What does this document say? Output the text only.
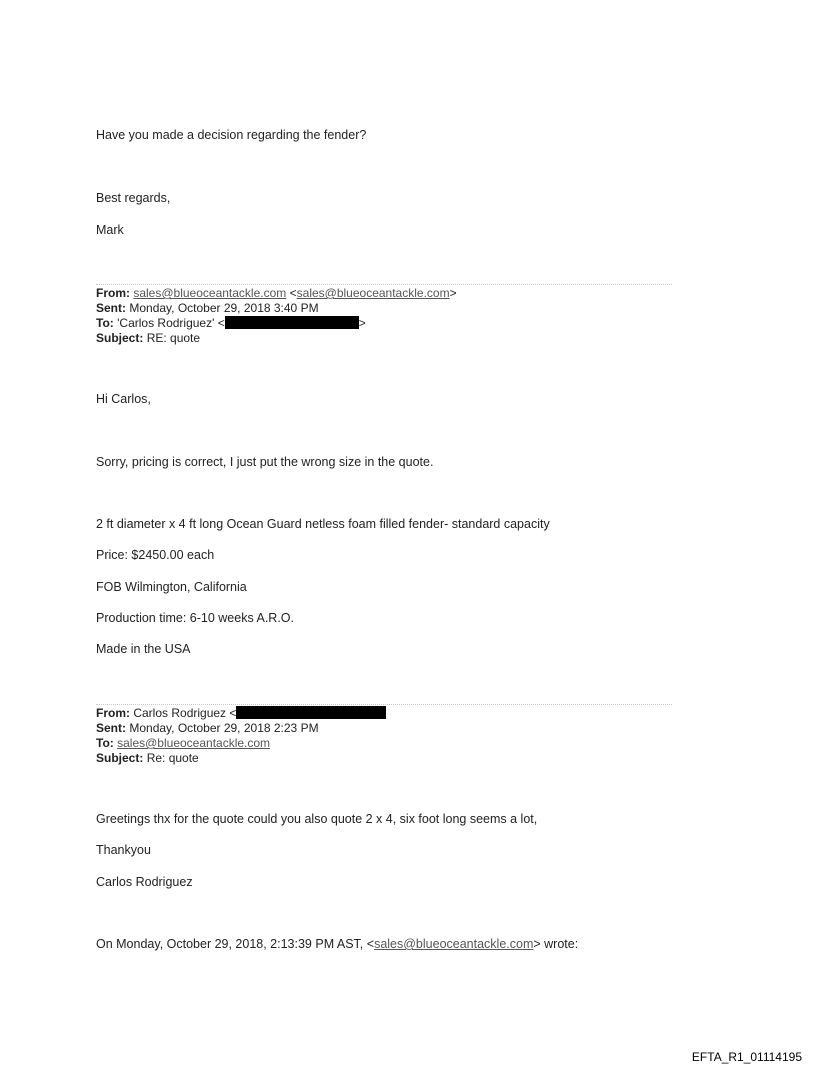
Have you made a decision regarding the fender?
Best regards,
Mark
From: sales@blueoceantackle.com <sales@blueoceantackle.com>
Sent: Monday, October 29, 2018 3:40 PM
To: 'Carlos Rodriguez' <	>
Subject: RE: quote
Hi Carlos,
Sorry, pricing is correct, I just put the wrong size in the quote.
2 ft diameter x 4 ft long Ocean Guard netless foam filled fender- standard capacity
Price: $2450.00 each
FOB Wilmington, California
Production time: 6-10 weeks A.R.O.
Made in the USA
From: Carlos Rodriguez <
Sent: Monday, October 29, 2018 2:23 PM
To: sales@blueoceantackle.com
Subject: Re: quote
Greetings thx for the quote could you also quote 2 x 4, six foot long seems a lot,
Thankyou
Carlos Rodriguez
On Monday, October 29, 2018, 2:13:39 PM AST, <sales@blueoceantackle.com> wrote:
EFTA_R1_01114195
